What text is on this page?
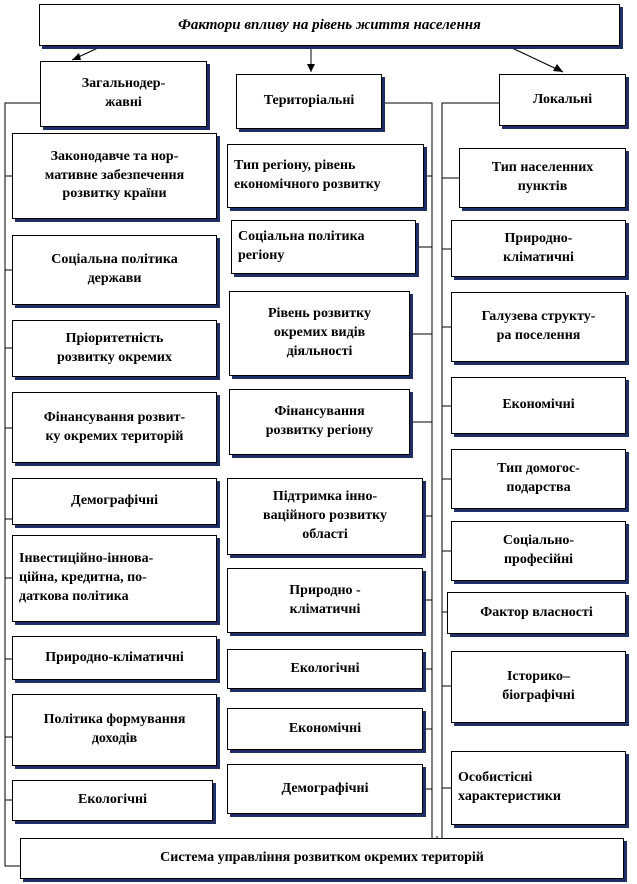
Фактори впливу на рівень життя населення
Загальнодер-
жавні	Територіальні	Локальні
Законодавче та нор-
мативне забезпечення
розвитку країни
Соціальна політика
держави
Пріоритетність
розвитку окремих
Фінансування розвит-
ку окремих територій
Демографічні
Інвестиційно-іннова-
ційна, кредитна, по-
даткова політика
Природно-кліматичні
Політика формування
доходів
Екологічні
Тип регіону, рівень
економічного розвитку
Соціальна політика
регіону
Рівень розвитку
окремих видів
діяльності
Фінансування
розвитку регіону
Підтримка інно-
ваційного розвитку
області
Природно -
кліматичні
Екологічні
Економічні
Демографічні
Тип населенних
пунктів
Природно-
кліматичні
Галузева структу-
ра поселення
Економічні
Тип домогос-
подарства
Соціально-
професійні
Фактор власності
Історико–
біографічні
Особистісні
характеристики
Система управління розвитком окремих територій
